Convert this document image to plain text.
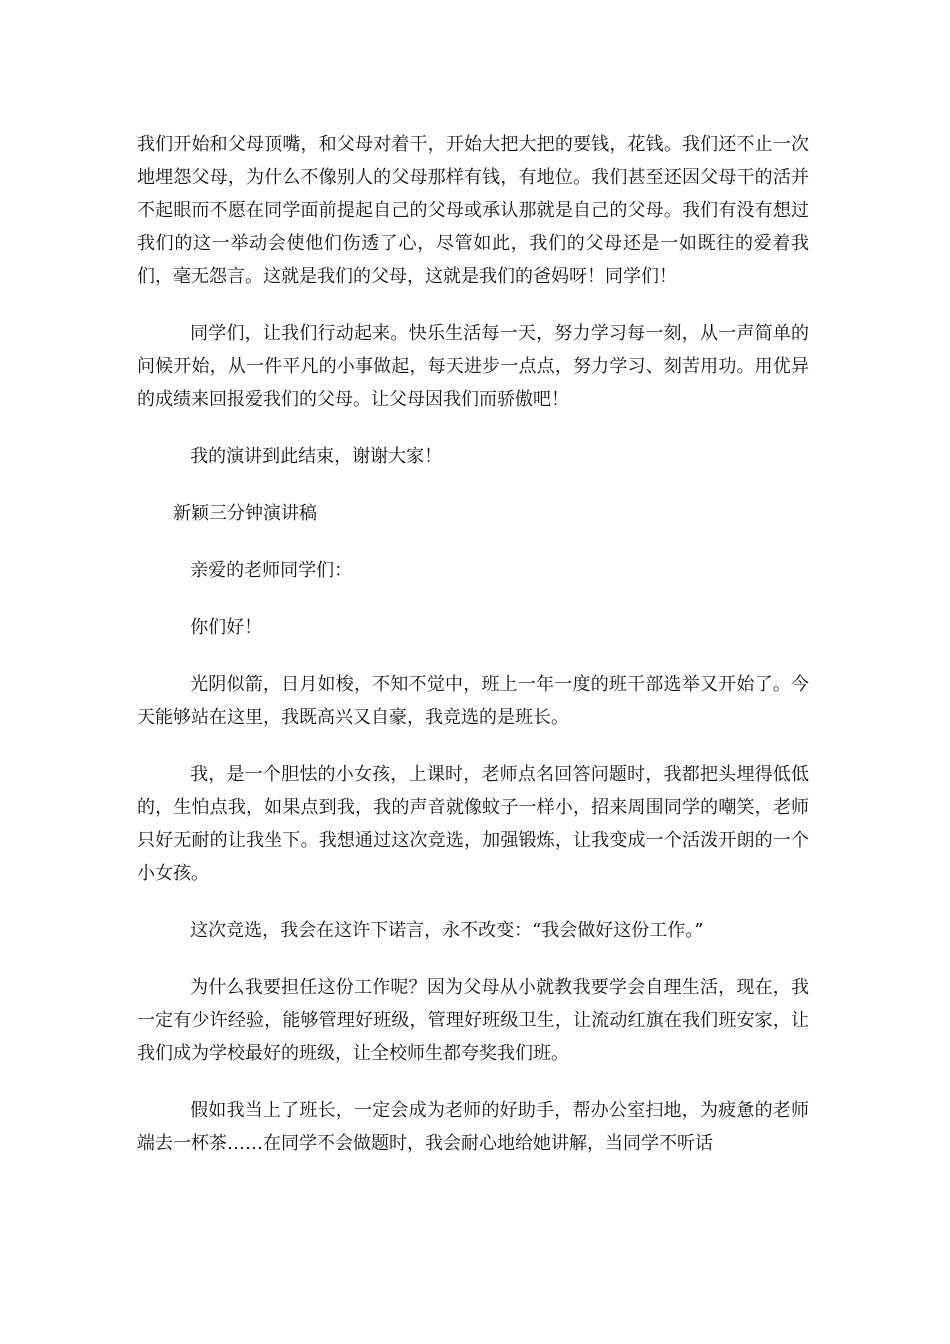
我们开始和父母顶嘴，和父母对着干，开始大把大把的要钱，花钱。我们还不止一次地埋怨父母，为什么不像别人的父母那样有钱，有地位。我们甚至还因父母干的活并不起眼而不愿在同学面前提起自己的父母或承认那就是自己的父母。我们有没有想过我们的这一举动会使他们伤透了心，尽管如此，我们的父母还是一如既往的爱着我们，毫无怨言。这就是我们的父母，这就是我们的爸妈呀！同学们！

同学们，让我们行动起来。快乐生活每一天，努力学习每一刻，从一声简单的问候开始，从一件平凡的小事做起，每天进步一点点，努力学习、刻苦用功。用优异的成绩来回报爱我们的父母。让父母因我们而骄傲吧！

我的演讲到此结束，谢谢大家！

新颖三分钟演讲稿

亲爱的老师同学们：

你们好！

光阴似箭，日月如梭，不知不觉中，班上一年一度的班干部选举又开始了。今天能够站在这里，我既高兴又自豪，我竞选的是班长。

我，是一个胆怯的小女孩，上课时，老师点名回答问题时，我都把头埋得低低的，生怕点我，如果点到我，我的声音就像蚊子一样小，招来周围同学的嘲笑，老师只好无耐的让我坐下。我想通过这次竞选，加强锻炼，让我变成一个活泼开朗的一个小女孩。

这次竞选，我会在这许下诺言，永不改变：“我会做好这份工作。”

为什么我要担任这份工作呢？因为父母从小就教我要学会自理生活，现在，我一定有少许经验，能够管理好班级，管理好班级卫生，让流动红旗在我们班安家，让我们成为学校最好的班级，让全校师生都夸奖我们班。

假如我当上了班长，一定会成为老师的好助手，帮办公室扫地，为疲惫的老师端去一杯茶……在同学不会做题时，我会耐心地给她讲解，当同学不听话
